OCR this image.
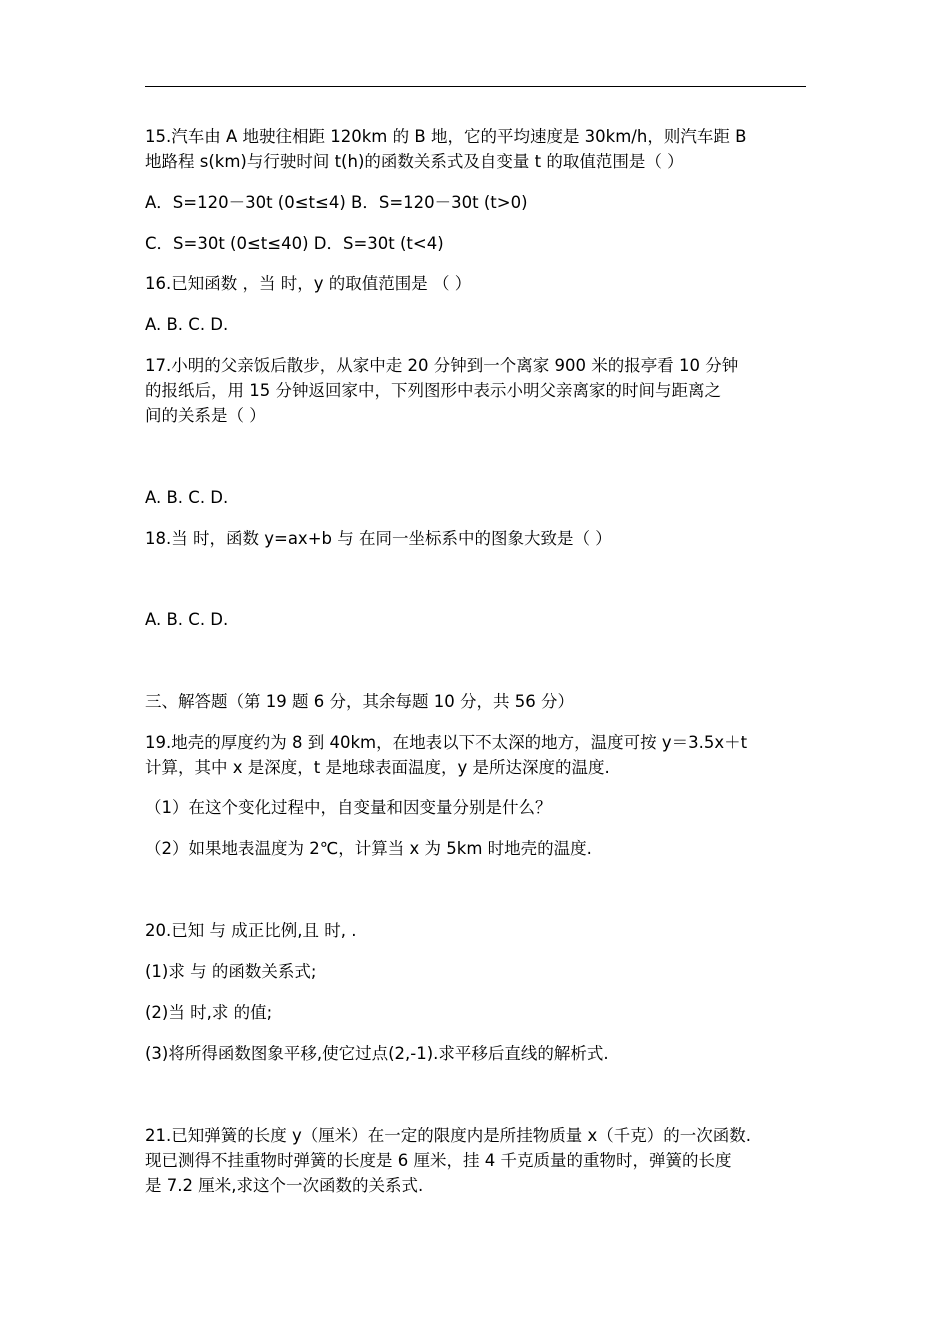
15.汽车由 A 地驶往相距 120km 的 B 地，它的平均速度是 30km/h，则汽车距 B
地路程 s(km)与行驶时间 t(h)的函数关系式及自变量 t 的取值范围是（ ）
A．S=120－30t (0≤t≤4) B．S=120－30t (t>0)
C．S=30t (0≤t≤40) D．S=30t (t<4)
16.已知函数 ，当 时，y 的取值范围是 （ ）
A. B. C. D.
17.小明的父亲饭后散步，从家中走 20 分钟到一个离家 900 米的报亭看 10 分钟
的报纸后，用 15 分钟返回家中，下列图形中表示小明父亲离家的时间与距离之
间的关系是（ ）
A. B. C. D.
18.当 时，函数 y=ax+b 与 在同一坐标系中的图象大致是（ ）
A. B. C. D.
三、解答题（第 19 题 6 分，其余每题 10 分，共 56 分）
19.地壳的厚度约为 8 到 40km，在地表以下不太深的地方，温度可按 y＝3.5x＋t
计算，其中 x 是深度，t 是地球表面温度，y 是所达深度的温度.
（1）在这个变化过程中，自变量和因变量分别是什么？
（2）如果地表温度为 2℃，计算当 x 为 5km 时地壳的温度.
20.已知 与 成正比例,且 时, .
(1)求 与 的函数关系式;
(2)当 时,求 的值;
(3)将所得函数图象平移,使它过点(2,-1).求平移后直线的解析式.
21.已知弹簧的长度 y（厘米）在一定的限度内是所挂物质量 x（千克）的一次函数.
现已测得不挂重物时弹簧的长度是 6 厘米，挂 4 千克质量的重物时，弹簧的长度
是 7.2 厘米,求这个一次函数的关系式.
